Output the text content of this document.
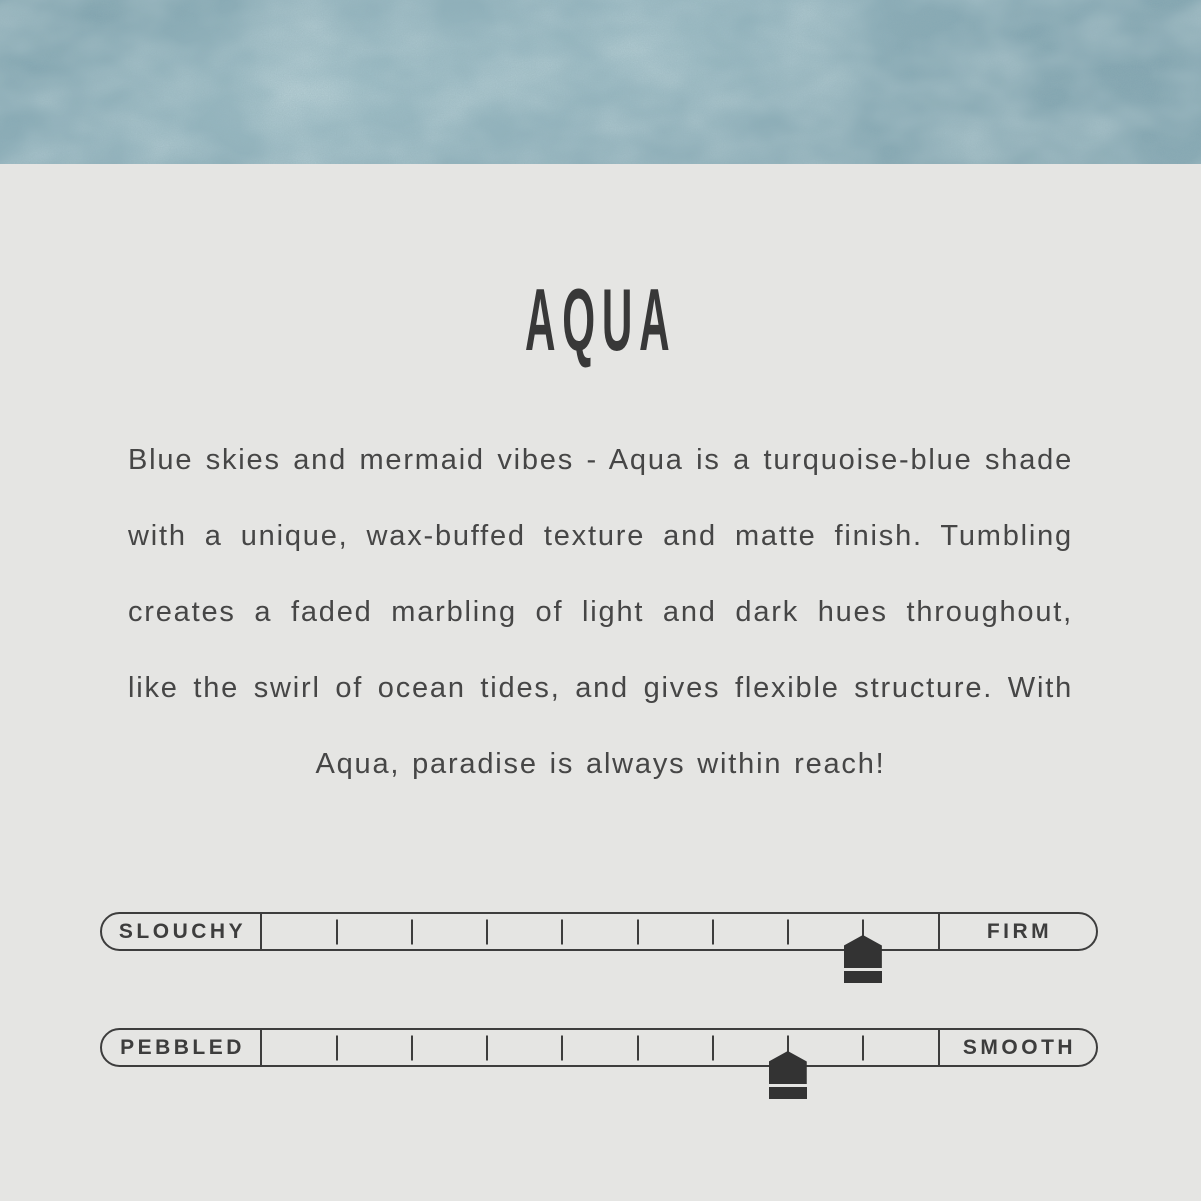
AQUA
Blue skies and mermaid vibes - Aqua is a turquoise-blue shade
with a unique, wax-buffed texture and matte finish. Tumbling
creates a faded marbling of light and dark hues throughout,
like the swirl of ocean tides, and gives flexible structure. With
Aqua, paradise is always within reach!
SLOUCHY	FIRM
PEBBLED	SMOOTH
